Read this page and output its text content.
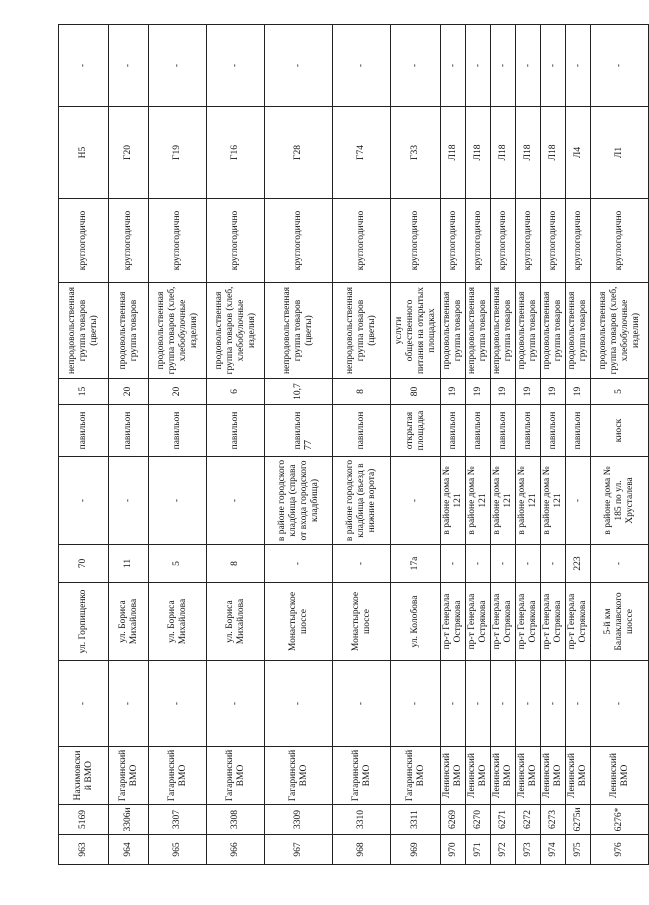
77
963	5169	Нахимовский ВМО	-	ул. Горпищенко	70	-	павильон	15	непродовольственная группа товаров (цветы)	круглогодично	Н5	-
964	3306и	Гагаринский ВМО	-	ул. Бориса Михайлова	11	-	павильон	20	продовольственная группа товаров	круглогодично	Г20	-
965	3307	Гагаринский ВМО	-	ул. Бориса Михайлова	5	-	павильон	20	продовольственная группа товаров (хлеб, хлебобулочные изделия)	круглогодично	Г19	-
966	3308	Гагаринский ВМО	-	ул. Бориса Михайлова	8	-	павильон	6	продовольственная группа товаров (хлеб, хлебобулочные изделия)	круглогодично	Г16	-
967	3309	Гагаринский ВМО	-	Монастырское шоссе	-	в районе городского кладбища (справа от входа городского кладбища)	павильон	10,7	непродовольственная группа товаров (цветы)	круглогодично	Г28	-
968	3310	Гагаринский ВМО	-	Монастырское шоссе	-	в районе городского кладбища (въезд в нижние ворота)	павильон	8	непродовольственная группа товаров (цветы)	круглогодично	Г74	-
969	3311	Гагаринский ВМО	-	ул. Колобова	17а	-	открытая площадка	80	услуги общественного питания на открытых площадках	круглогодично	Г33	-
970	6269	Ленинский ВМО	-	пр-т Генерала Острякова	-	в районе дома № 121	павильон	19	продовольственная группа товаров	круглогодично	Л18	-
971	6270	Ленинский ВМО	-	пр-т Генерала Острякова	-	в районе дома № 121	павильон	19	непродовольственная группа товаров	круглогодично	Л18	-
972	6271	Ленинский ВМО	-	пр-т Генерала Острякова	-	в районе дома № 121	павильон	19	непродовольственная группа товаров	круглогодично	Л18	-
973	6272	Ленинский ВМО	-	пр-т Генерала Острякова	-	в районе дома № 121	павильон	19	продовольственная группа товаров	круглогодично	Л18	-
974	6273	Ленинский ВМО	-	пр-т Генерала Острякова	-	в районе дома № 121	павильон	19	продовольственная группа товаров	круглогодично	Л18	-
975	6275и	Ленинский ВМО	-	пр-т Генерала Острякова	223	-	павильон	19	продовольственная группа товаров	круглогодично	Л4	-
976	6276*	Ленинский ВМО	-	5-й км Балаклавского шоссе	-	в районе дома № 185 по ул. Хрусталева	киоск	5	продовольственная группа товаров (хлеб, хлебобулочные изделия)	круглогодично	Л1	-
